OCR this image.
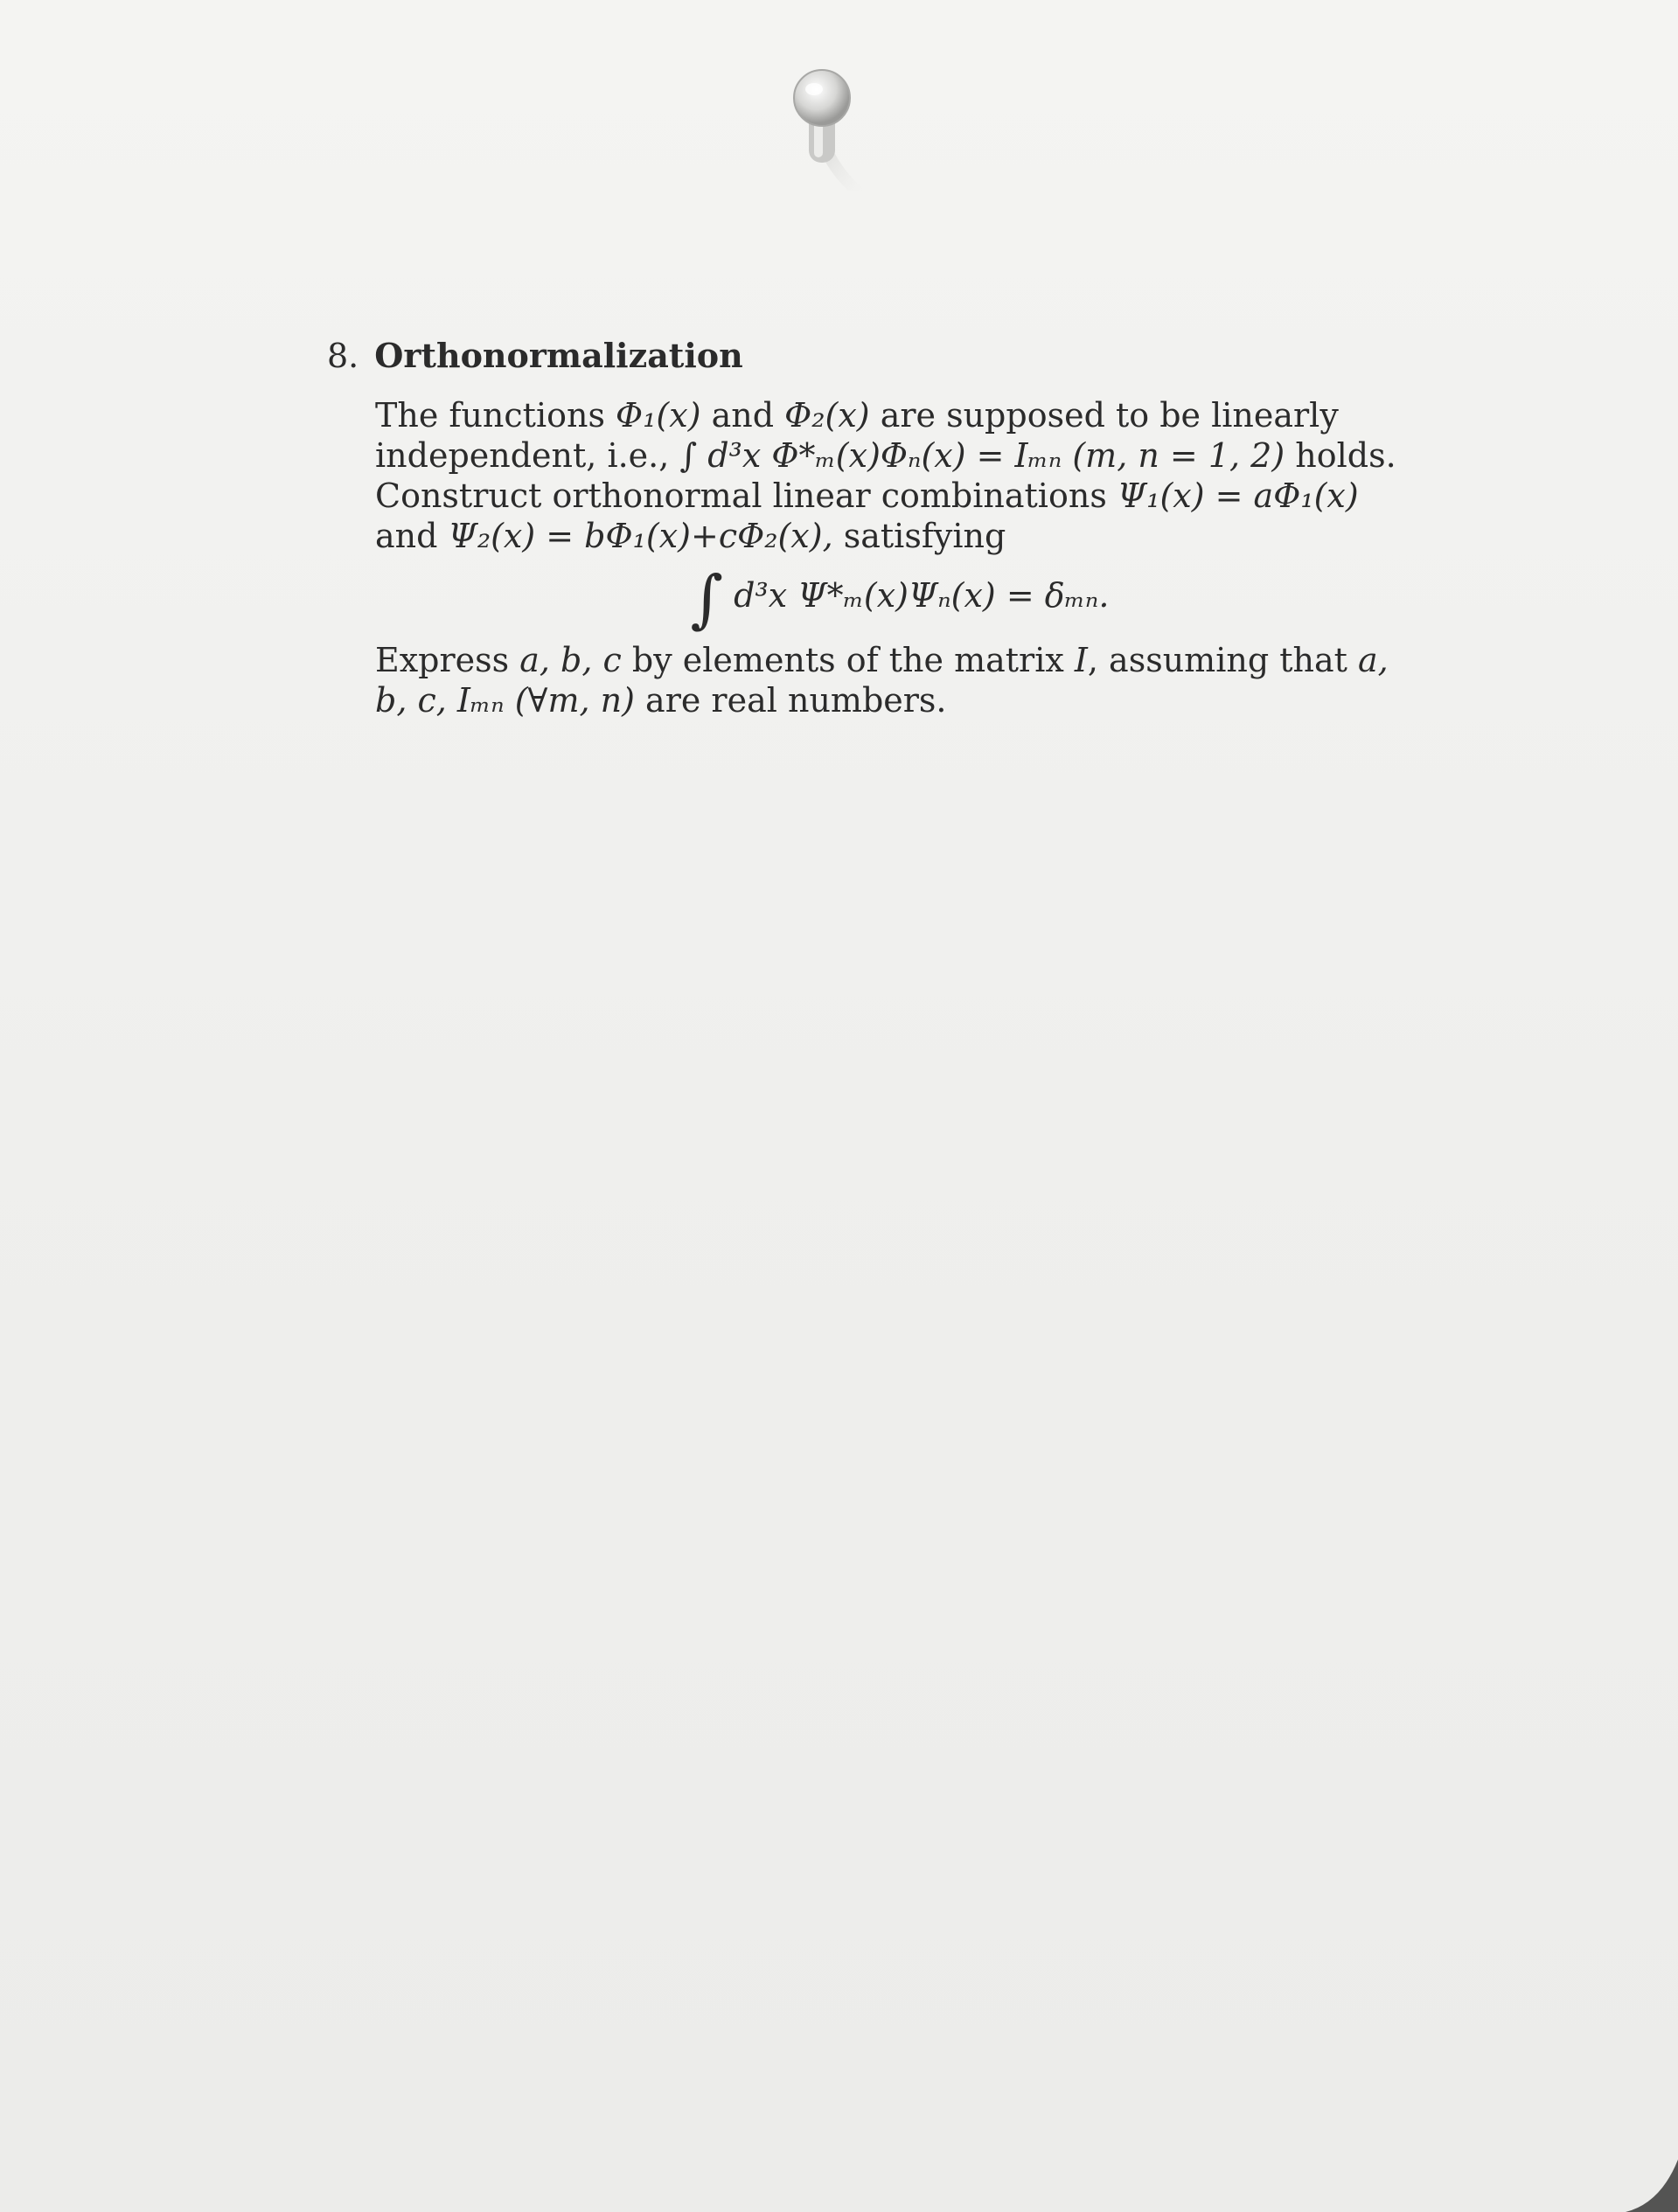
8. Orthonormalization

The functions Φ₁(x) and Φ₂(x) are supposed to be linearly independent, i.e., ∫ d³x Φ*ₘ(x)Φₙ(x) = Iₘₙ (m, n = 1, 2) holds. Construct orthonormal linear combinations Ψ₁(x) = aΦ₁(x) and Ψ₂(x) = bΦ₁(x)+cΦ₂(x), satisfying

∫ d³x Ψ*ₘ(x)Ψₙ(x) = δₘₙ.

Express a, b, c by elements of the matrix I, assuming that a, b, c, Iₘₙ (∀m, n) are real numbers.
